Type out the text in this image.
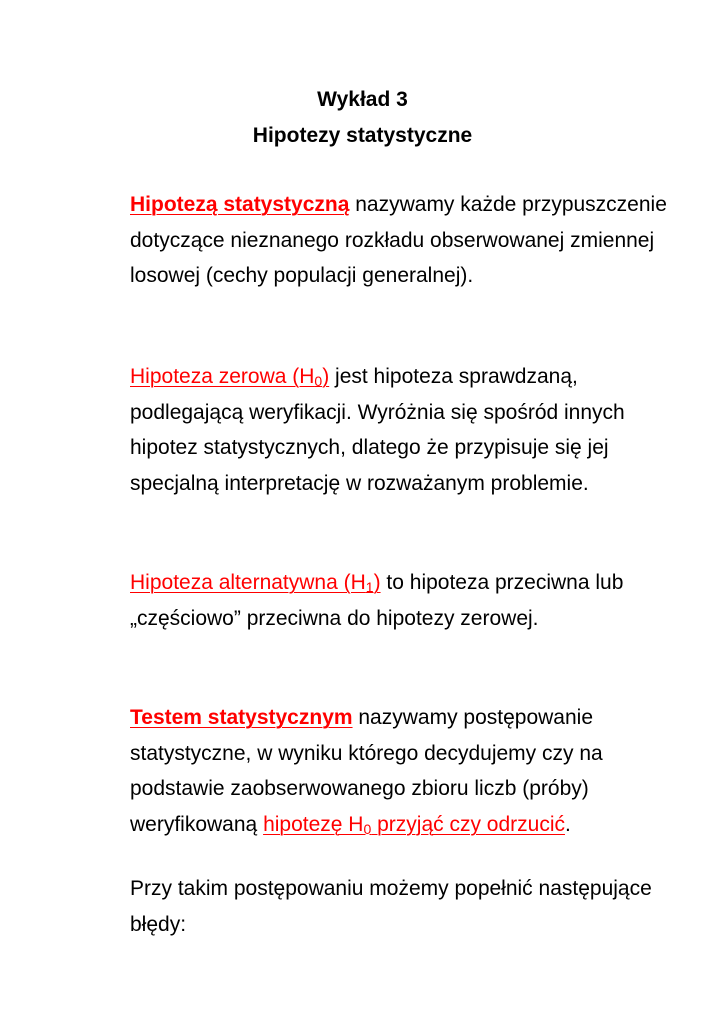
Wykład 3
Hipotezy statystyczne
Hipotezą statystyczną nazywamy każde przypuszczenie dotyczące nieznanego rozkładu obserwowanej zmiennej losowej (cechy populacji generalnej).
Hipoteza zerowa $(H_0)$ jest hipoteza sprawdzaną, podlegającą weryfikacji. Wyróżnia się spośród innych hipotez statystycznych, dlatego że przypisuje się jej specjalną interpretację w rozważanym problemie.
Hipoteza alternatywna $(H_1)$ to hipoteza przeciwna lub „częściowo” przeciwna do hipotezy zerowej.
Testem statystycznym nazywamy postępowanie statystyczne, w wyniku którego decydujemy czy na podstawie zaobserwowanego zbioru liczb (próby) weryfikowaną hipotezę $H_0$ przyjąć czy odrzucić.
Przy takim postępowaniu możemy popełnić następujące błędy:
